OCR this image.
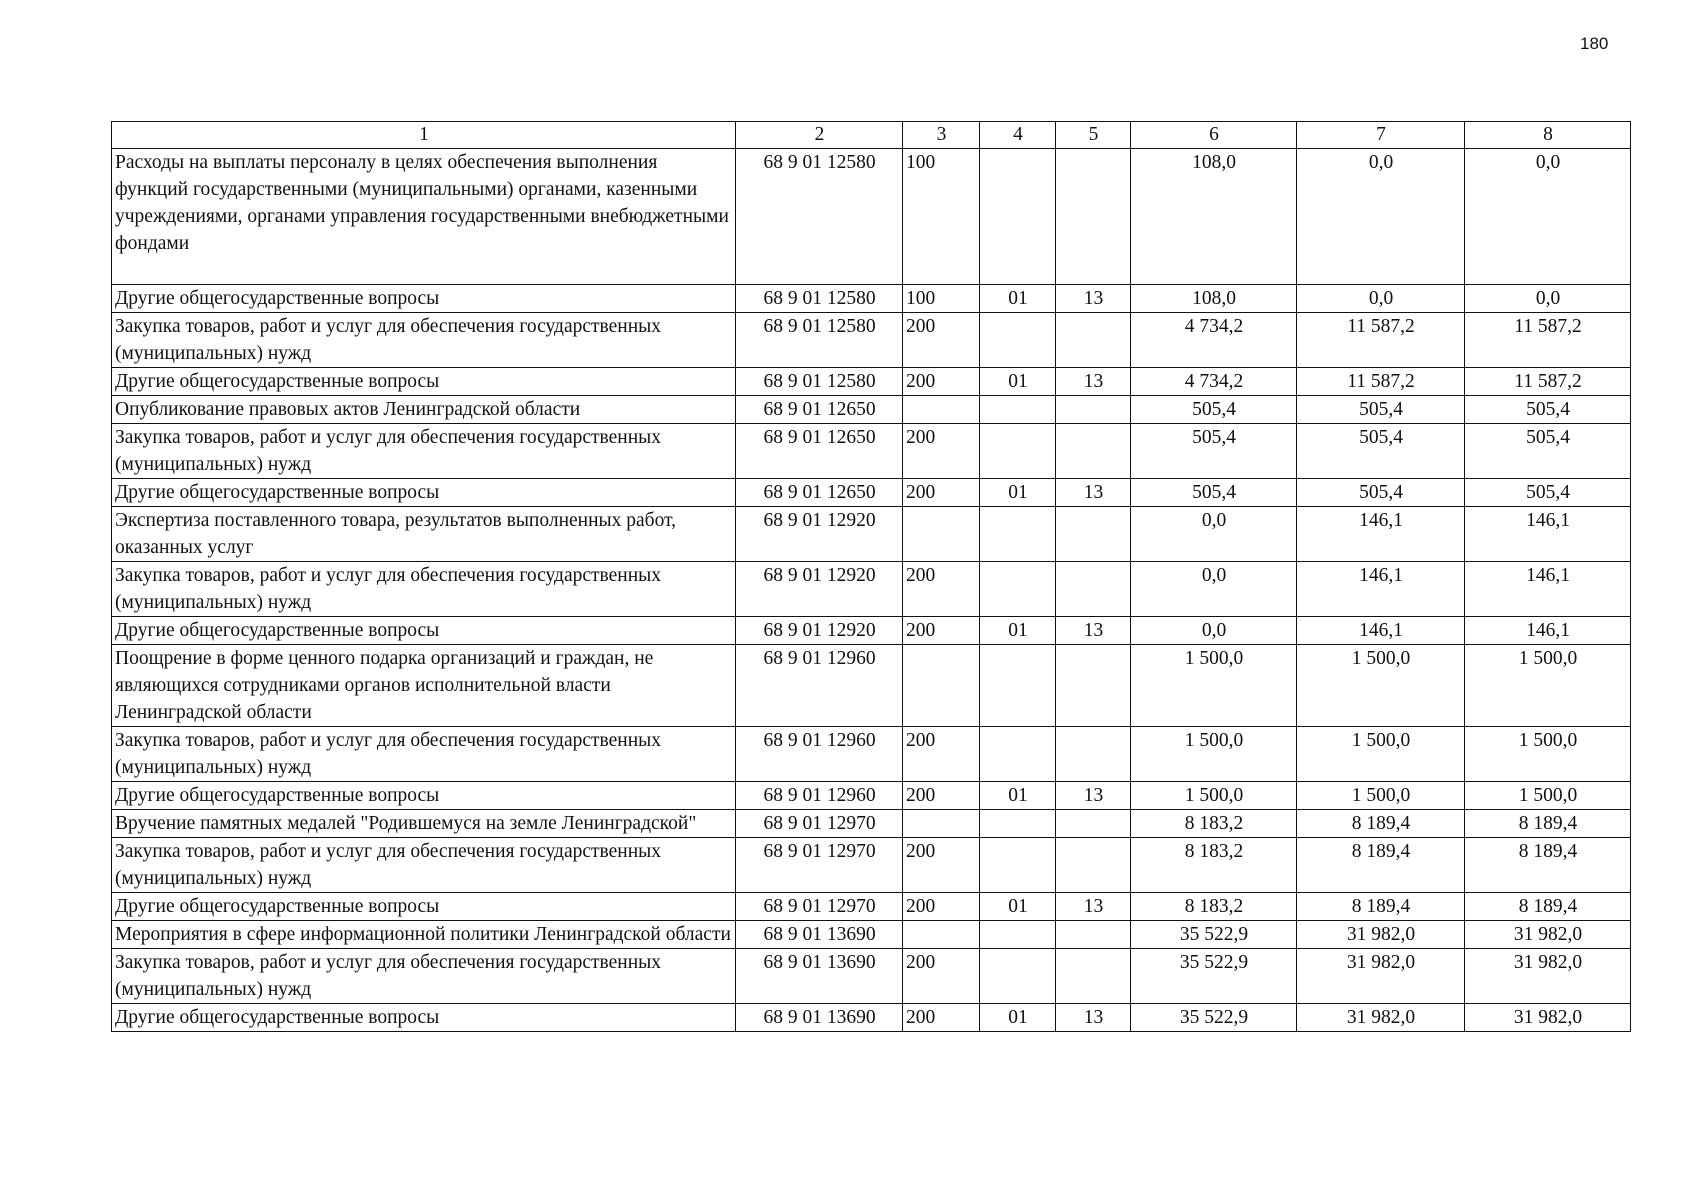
180
1	2	3	4	5	6	7	8
Расходы на выплаты персоналу в целях обеспечения выполнения функций государственными (муниципальными) органами, казенными учреждениями, органами управления государственными внебюджетными фондами	68 9 01 12580	100			108,0	0,0	0,0
Другие общегосударственные вопросы	68 9 01 12580	100	01	13	108,0	0,0	0,0
Закупка товаров, работ и услуг для обеспечения государственных (муниципальных) нужд	68 9 01 12580	200			4 734,2	11 587,2	11 587,2
Другие общегосударственные вопросы	68 9 01 12580	200	01	13	4 734,2	11 587,2	11 587,2
Опубликование правовых актов Ленинградской области	68 9 01 12650				505,4	505,4	505,4
Закупка товаров, работ и услуг для обеспечения государственных (муниципальных) нужд	68 9 01 12650	200			505,4	505,4	505,4
Другие общегосударственные вопросы	68 9 01 12650	200	01	13	505,4	505,4	505,4
Экспертиза поставленного товара, результатов выполненных работ, оказанных услуг	68 9 01 12920				0,0	146,1	146,1
Закупка товаров, работ и услуг для обеспечения государственных (муниципальных) нужд	68 9 01 12920	200			0,0	146,1	146,1
Другие общегосударственные вопросы	68 9 01 12920	200	01	13	0,0	146,1	146,1
Поощрение в форме ценного подарка организаций и граждан, не являющихся сотрудниками органов исполнительной власти Ленинградской области	68 9 01 12960				1 500,0	1 500,0	1 500,0
Закупка товаров, работ и услуг для обеспечения государственных (муниципальных) нужд	68 9 01 12960	200			1 500,0	1 500,0	1 500,0
Другие общегосударственные вопросы	68 9 01 12960	200	01	13	1 500,0	1 500,0	1 500,0
Вручение памятных медалей "Родившемуся на земле Ленинградской"	68 9 01 12970				8 183,2	8 189,4	8 189,4
Закупка товаров, работ и услуг для обеспечения государственных (муниципальных) нужд	68 9 01 12970	200			8 183,2	8 189,4	8 189,4
Другие общегосударственные вопросы	68 9 01 12970	200	01	13	8 183,2	8 189,4	8 189,4
Мероприятия в сфере информационной политики Ленинградской области	68 9 01 13690				35 522,9	31 982,0	31 982,0
Закупка товаров, работ и услуг для обеспечения государственных (муниципальных) нужд	68 9 01 13690	200			35 522,9	31 982,0	31 982,0
Другие общегосударственные вопросы	68 9 01 13690	200	01	13	35 522,9	31 982,0	31 982,0
